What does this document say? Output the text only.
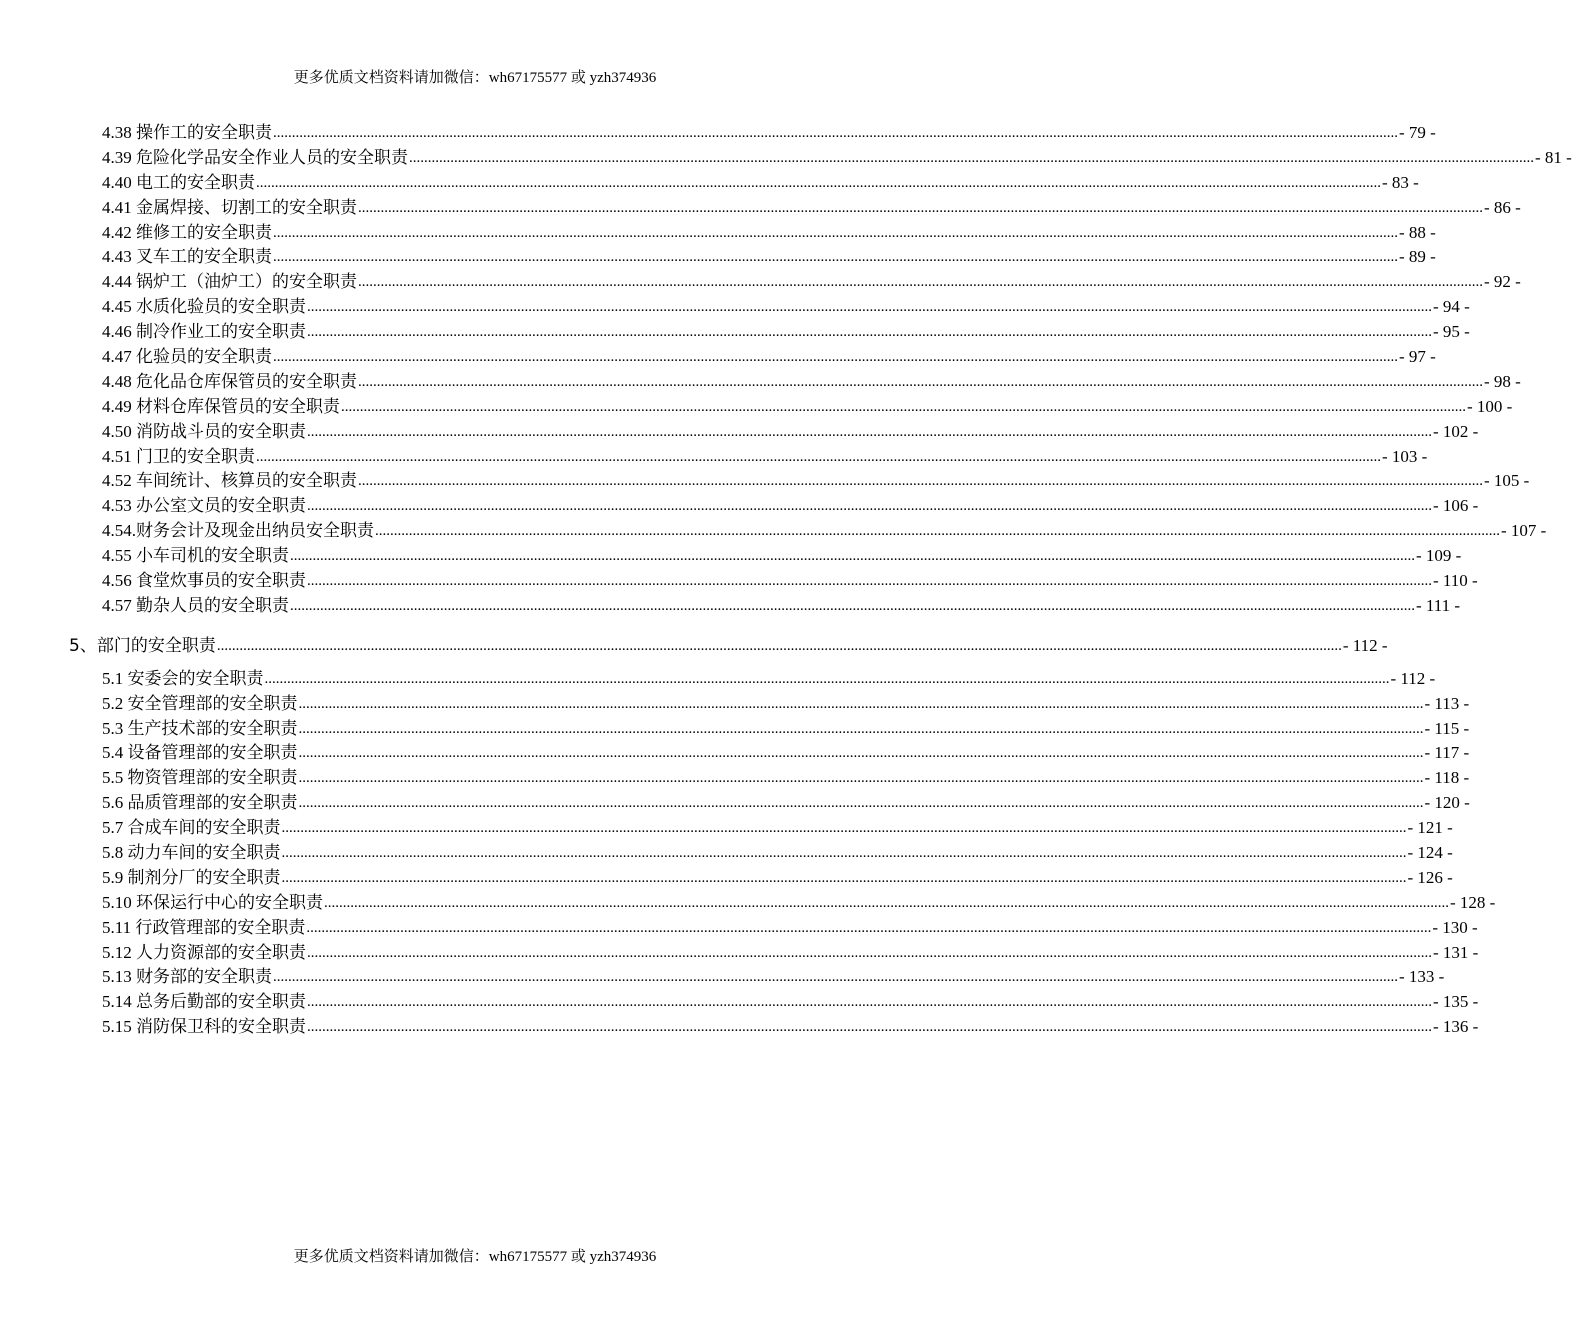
更多优质文档资料请加微信：wh67175577 或 yzh374936
4.38 操作工的安全职责 ............................................................................................................................................................................................................................................................................................................ - 79 -
4.39 危险化学品安全作业人员的安全职责 ............................................................................................................................................................................................................................................................................................................ - 81 -
4.40 电工的安全职责 ............................................................................................................................................................................................................................................................................................................ - 83 -
4.41 金属焊接、切割工的安全职责 ............................................................................................................................................................................................................................................................................................................ - 86 -
4.42 维修工的安全职责 ............................................................................................................................................................................................................................................................................................................ - 88 -
4.43 叉车工的安全职责 ............................................................................................................................................................................................................................................................................................................ - 89 -
4.44 锅炉工（油炉工）的安全职责 ............................................................................................................................................................................................................................................................................................................ - 92 -
4.45 水质化验员的安全职责 ............................................................................................................................................................................................................................................................................................................ - 94 -
4.46 制冷作业工的安全职责 ............................................................................................................................................................................................................................................................................................................ - 95 -
4.47 化验员的安全职责 ............................................................................................................................................................................................................................................................................................................ - 97 -
4.48 危化品仓库保管员的安全职责 ............................................................................................................................................................................................................................................................................................................ - 98 -
4.49 材料仓库保管员的安全职责 ............................................................................................................................................................................................................................................................................................................ - 100 -
4.50 消防战斗员的安全职责 ............................................................................................................................................................................................................................................................................................................ - 102 -
4.51 门卫的安全职责 ............................................................................................................................................................................................................................................................................................................ - 103 -
4.52 车间统计、核算员的安全职责 ............................................................................................................................................................................................................................................................................................................ - 105 -
4.53 办公室文员的安全职责 ............................................................................................................................................................................................................................................................................................................ - 106 -
4.54.财务会计及现金出纳员安全职责 ............................................................................................................................................................................................................................................................................................................ - 107 -
4.55 小车司机的安全职责 ............................................................................................................................................................................................................................................................................................................ - 109 -
4.56 食堂炊事员的安全职责 ............................................................................................................................................................................................................................................................................................................ - 110 -
4.57 勤杂人员的安全职责 ............................................................................................................................................................................................................................................................................................................ - 111 -
5、部门的安全职责 ............................................................................................................................................................................................................................................................................................................ - 112 -
5.1 安委会的安全职责 ............................................................................................................................................................................................................................................................................................................ - 112 -
5.2 安全管理部的安全职责 ............................................................................................................................................................................................................................................................................................................ - 113 -
5.3 生产技术部的安全职责 ............................................................................................................................................................................................................................................................................................................ - 115 -
5.4 设备管理部的安全职责 ............................................................................................................................................................................................................................................................................................................ - 117 -
5.5 物资管理部的安全职责 ............................................................................................................................................................................................................................................................................................................ - 118 -
5.6 品质管理部的安全职责 ............................................................................................................................................................................................................................................................................................................ - 120 -
5.7 合成车间的安全职责 ............................................................................................................................................................................................................................................................................................................ - 121 -
5.8 动力车间的安全职责 ............................................................................................................................................................................................................................................................................................................ - 124 -
5.9 制剂分厂的安全职责 ............................................................................................................................................................................................................................................................................................................ - 126 -
5.10 环保运行中心的安全职责 ............................................................................................................................................................................................................................................................................................................ - 128 -
5.11 行政管理部的安全职责 ............................................................................................................................................................................................................................................................................................................ - 130 -
5.12 人力资源部的安全职责 ............................................................................................................................................................................................................................................................................................................ - 131 -
5.13 财务部的安全职责 ............................................................................................................................................................................................................................................................................................................ - 133 -
5.14 总务后勤部的安全职责 ............................................................................................................................................................................................................................................................................................................ - 135 -
5.15 消防保卫科的安全职责 ............................................................................................................................................................................................................................................................................................................ - 136 -
更多优质文档资料请加微信：wh67175577 或 yzh374936
